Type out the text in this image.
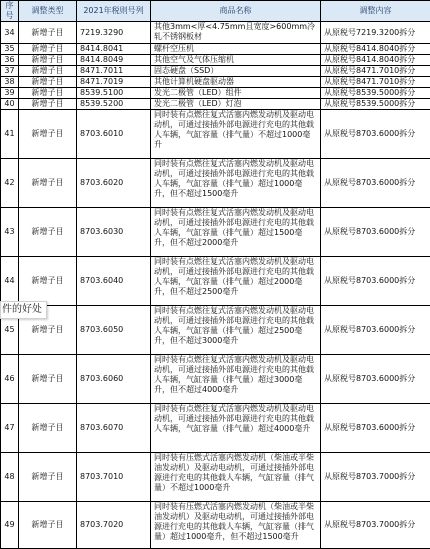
序号	调整类型	2021年税则号列	商品名称	调整内容
34	新增子目	7219.3290	其他3mm<厚<4.75mm且宽度>600mm冷轧不锈钢板材	从原税号7219.3200拆分
35	新增子目	8414.8041	螺杆空压机	从原税号8414.8040拆分
36	新增子目	8414.8049	其他空气及气体压缩机	从原税号8414.8040拆分
37	新增子目	8471.7011	固态硬盘（SSD）	从原税号8471.7010拆分
38	新增子目	8471.7019	其他计算机硬盘驱动器	从原税号8471.7010拆分
39	新增子目	8539.5100	发光二极管（LED）组件	从原税号8539.5000拆分
40	新增子目	8539.5200	发光二极管（LED）灯泡	从原税号8539.5000拆分
41	新增子目	8703.6010	同时装有点燃往复式活塞内燃发动机及驱动电动机，可通过接插外部电源进行充电的其他载人车辆，气缸容量（排气量）不超过1000毫升	从原税号8703.6000拆分
42	新增子目	8703.6020	同时装有点燃往复式活塞内燃发动机及驱动电动机，可通过接插外部电源进行充电的其他载人车辆，气缸容量（排气量）超过1000毫升，但不超过1500毫升	从原税号8703.6000拆分
43	新增子目	8703.6030	同时装有点燃往复式活塞内燃发动机及驱动电动机，可通过接插外部电源进行充电的其他载人车辆，气缸容量（排气量）超过1500毫升，但不超过2000毫升	从原税号8703.6000拆分
44	新增子目	8703.6040	同时装有点燃往复式活塞内燃发动机及驱动电动机，可通过接插外部电源进行充电的其他载人车辆，气缸容量（排气量）超过2000毫升，但不超过2500毫升	从原税号8703.6000拆分
45	新增子目	8703.6050	同时装有点燃往复式活塞内燃发动机及驱动电动机，可通过接插外部电源进行充电的其他载人车辆，气缸容量（排气量）超过2500毫升，但不超过3000毫升	从原税号8703.6000拆分
46	新增子目	8703.6060	同时装有点燃往复式活塞内燃发动机及驱动电动机，可通过接插外部电源进行充电的其他载人车辆，气缸容量（排气量）超过3000毫升，但不超过4000毫升	从原税号8703.6000拆分
47	新增子目	8703.6070	同时装有点燃往复式活塞内燃发动机及驱动电动机，可通过接插外部电源进行充电的其他载人车辆，气缸容量（排气量）超过4000毫升	从原税号8703.6000拆分
48	新增子目	8703.7010	同时装有压燃式活塞内燃发动机（柴油或半柴油发动机）及驱动电动机，可通过接插外部电源进行充电的其他载人车辆，气缸容量（排气量）不超过1000毫升	从原税号8703.7000拆分
49	新增子目	8703.7020	同时装有压燃式活塞内燃发动机（柴油或半柴油发动机）及驱动电动机，可通过接插外部电源进行充电的其他载人车辆，气缸容量（排气量）超过1000毫升，但不超过1500毫升	从原税号8703.7000拆分
件的好处
